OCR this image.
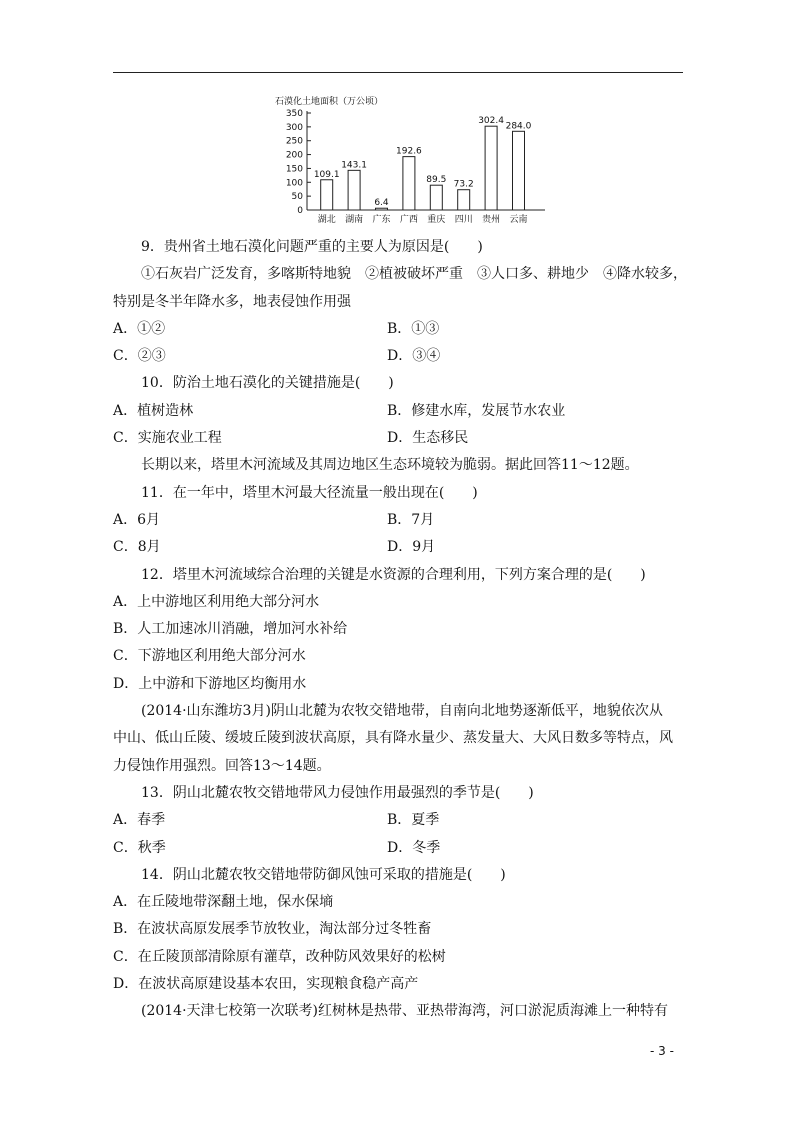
石漠化土地面积（万公顷）
0
50
100
150
200
250
300
350
109.1
143.1
6.4
192.6
89.5 73.2
302.4
284.0
湖北 湖南 广东 广西 重庆 四川 贵州 云南
9．贵州省土地石漠化问题严重的主要人为原因是(　　)
①石灰岩广泛发育，多喀斯特地貌　②植被破坏严重　③人口多、耕地少　④降水较多，
特别是冬半年降水多，地表侵蚀作用强
A．①②	B．①③
C．②③	D．③④
10．防治土地石漠化的关键措施是(　　)
A．植树造林	B．修建水库，发展节水农业
C．实施农业工程	D．生态移民
长期以来，塔里木河流域及其周边地区生态环境较为脆弱。据此回答11～12题。
11．在一年中，塔里木河最大径流量一般出现在(　　)
A．6月	B．7月
C．8月	D．9月
12．塔里木河流域综合治理的关键是水资源的合理利用，下列方案合理的是(　　)
A．上中游地区利用绝大部分河水
B．人工加速冰川消融，增加河水补给
C．下游地区利用绝大部分河水
D．上中游和下游地区均衡用水
(2014·山东潍坊3月)阴山北麓为农牧交错地带，自南向北地势逐渐低平，地貌依次从
中山、低山丘陵、缓坡丘陵到波状高原，具有降水量少、蒸发量大、大风日数多等特点，风
力侵蚀作用强烈。回答13～14题。
13．阴山北麓农牧交错地带风力侵蚀作用最强烈的季节是(　　)
A．春季	B．夏季
C．秋季	D．冬季
14．阴山北麓农牧交错地带防御风蚀可采取的措施是(　　)
A．在丘陵地带深翻土地，保水保墒
B．在波状高原发展季节放牧业，淘汰部分过冬牲畜
C．在丘陵顶部清除原有灌草，改种防风效果好的松树
D．在波状高原建设基本农田，实现粮食稳产高产
(2014·天津七校第一次联考)红树林是热带、亚热带海湾，河口淤泥质海滩上一种特有
- 3 -
